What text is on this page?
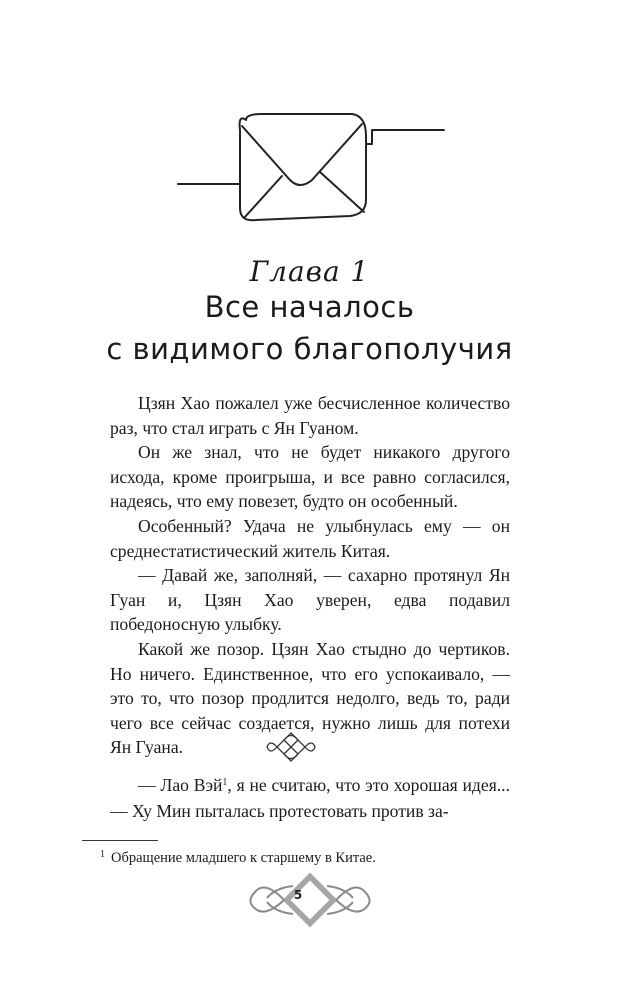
Глава 1
Все началось
с видимого благополучия

Цзян Хао пожалел уже бесчисленное количество раз, что стал играть с Ян Гуаном.

Он же знал, что не будет никакого другого исхода, кроме проигрыша, и все равно согласился, надеясь, что ему повезет, будто он особенный.

Особенный? Удача не улыбнулась ему — он среднестатистический житель Китая.

— Давай же, заполняй, — сахарно протянул Ян Гуан и, Цзян Хао уверен, едва подавил победоносную улыбку.

Какой же позор. Цзян Хао стыдно до чертиков. Но ничего. Единственное, что его успокаивало, — это то, что позор продлится недолго, ведь то, ради чего все сейчас создается, нужно лишь для потехи Ян Гуана.

— Лао Вэй$^1$, я не считаю, что это хорошая идея... — Ху Мин пыталась протестовать против за-

$^1$ Обращение младшего к старшему в Китае.
5
